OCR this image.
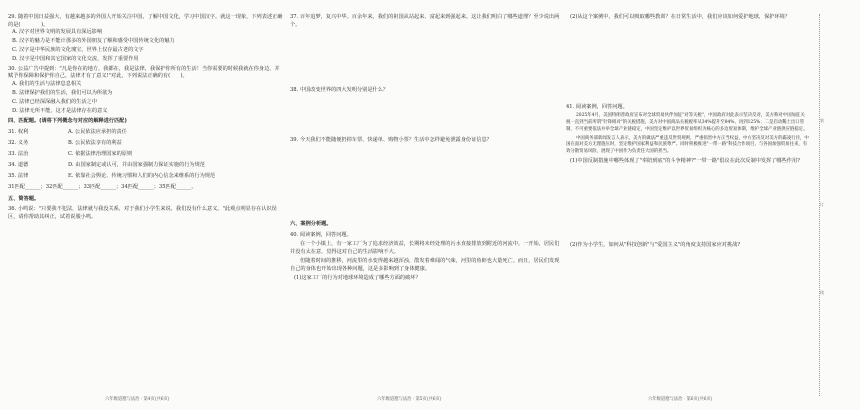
29. 随着中国日益强大，有越来越多的外国人开始关注中国，了解中国文化，学习中国汉字。就这一现象，下列表述正确的是(　　　　)。
A. 汉字对世界文明的发展具有深远影响
B. 汉字的魅力是不能计那多的外国朋友了解和感受中国传统文化的魅力
C. 汉字是中华民族的文化瑰宝，世界上仅存最古老的文字
D. 汉字是中国和其它国家的文化交流，发挥了重要作用
30. 公益广告中提到："凡是你在的地方，我都在，我是法律，我保护你所有的生活！当你需要的时候我就在你身边，并赋予你保障和保护你自己，法律才有了意义!"对此，下列说法正确的有(　　)。
A. 我们的生活与法律息息相关
B. 法律保护我们的生活，我们可以为所欲为
C. 法律已经深深融入我们的生活之中
D. 法律无所不能，这才是法律存在的意义
四、匹配题。(请将下列概念与对应的解释进行匹配)
31. 权利	A. 公民依法应承担的责任
32. 义务	B. 公民依法享有的利益
33. 法治	C. 依据法律治理国家的原则
34. 道德	D. 由国家制定或认可，并由国家强制力保证实施的行为规范
35. 法律	E. 依靠社会舆论、传统习惯和人们的内心信念来维系的行为规范
31匹配______；32匹配______；33匹配______；34匹配______；35匹配______。
五、简答题。
36. 小鸣说："只要我不犯法，法律就与我没关系，对于我们小学生来说，我们没有什么意义。"此观点明显存在认识误区，请你帮助其纠正，试着说服小鸣。
六年级道德与法治 · 第4页(共6页)
37. 百年追梦，复兴中华。百余年来，我们的祖国从站起来、富起来到强起来。这让我们明白了哪些道理？至少说出两个。
38. 中国改变世界的四大发明分别是什么？
39. 今天我们不能随便扔掉车票、快递单、购物小票？生活中怎样避免泄露身份证信息？
六、案例分析题。
40. 阅读案例，回答问题。
在一个小镇上，有一家工厂为了追求经济效益，长期将未经处理的污水直接排放到附近的河流中。一开始，居民们并没有太在意，觉得这对自己的生活影响不大。
但随着时间的推移，河流里的水变得越来越浑浊，散发着难闻的气味，河里的鱼虾也大量死亡。而且，居民们发现自己的身体也开始出现各种问题，这是多影响到了身体健康。
(1)这家工厂的行为对地球环境造成了哪些方面的破坏？
六年级道德与法治 · 第5页(共6页)
(2)从这个案例中，我们可以吸取哪些教训？在日常生活中，我们应该如何爱护地球，保护环境？
41. 阅读案例，回答问题。
2025年4月，美国特朗普政府宣布对全球贸易伙伴加征"对等关税"，中国政府对此表示坚决反对，美方称对中国加征关税一直到当前所谓"针锋相对"的关税措施，美方对中国商品关税税率从34%提升至84%，再到125%；二是启动稀土出口管制，不可重要依法并举全球产业链稳定，中国坚定维护以世界贸易组织为核心的多边贸易体制，维护全球产业链供应链稳定。
中国商务部新闻发言人表示，美方的做法严重违反世贸规则，严重损害中方正当权益，中方坚决反对美方的霸凌行径，中国在面对美方无理施压时，坚定维护国家利益和民族尊严。同时积极推进"一带一路"科技合作项目，与各国加强贸易往来，有效分散贸易风险，展现了中国作为负责任大国的担当。
(1)中国反制措施中哪些体现了"奉陪到底"的斗争精神?"一带一路"倡议在此次反制中发挥了哪些作用?
(2)作为小学生，如何从"科技创新"与"爱国主义"的角度支持国家应对挑战?
六年级道德与法治 · 第6页(共6页)
装
订
线
